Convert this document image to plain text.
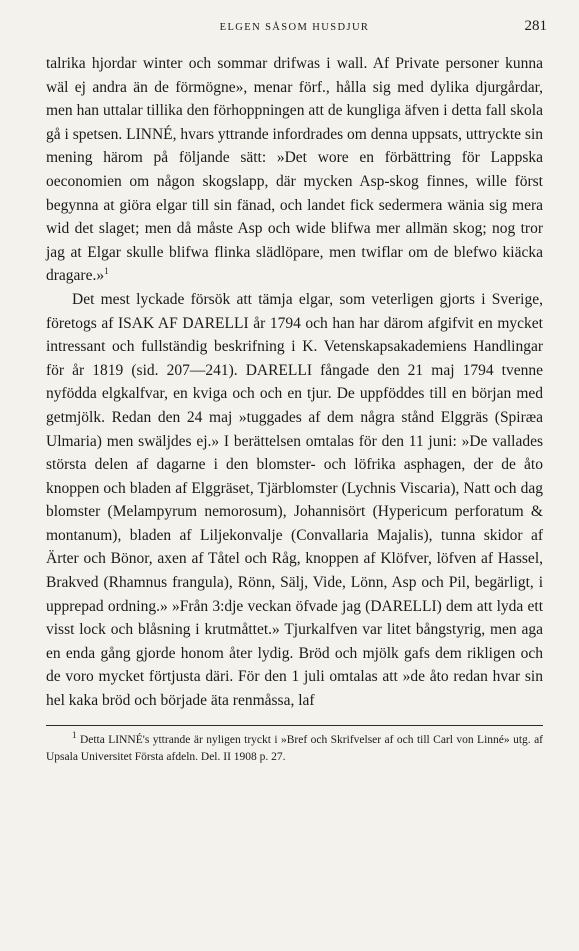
ELGEN SÅSOM HUSDJUR	281

talrika hjordar winter och sommar drifwas i wall. Af Private personer kunna wäl ej andra än de förmögne», menar förf., hålla sig med dylika djurgårdar, men han uttalar tillika den förhoppningen att de kungliga äfven i detta fall skola gå i spetsen. LINNÉ, hvars yttrande infordrades om denna uppsats, uttryckte sin mening härom på följande sätt: »Det wore en förbättring för Lappska oeconomien om någon skogslapp, där mycken Asp-skog finnes, wille först begynna at giöra elgar till sin fänad, och landet fick sedermera wänia sig mera wid det slaget; men då måste Asp och wide blifwa mer allmän skog; nog tror jag at Elgar skulle blifwa flinka slädlöpare, men twiflar om de blefwo kiäcka dragare.»$^1$

Det mest lyckade försök att tämja elgar, som veterligen gjorts i Sverige, företogs af ISAK AF DARELLI år 1794 och han har därom afgifvit en mycket intressant och fullständig beskrifning i K. Vetenskapsakademiens Handlingar för år 1819 (sid. 207—241). DARELLI fångade den 21 maj 1794 tvenne nyfödda elgkalfvar, en kviga och och en tjur. De uppföddes till en början med getmjölk. Redan den 24 maj »tuggades af dem några stånd Elggräs (Spiræa Ulmaria) men swäljdes ej.» I berättelsen omtalas för den 11 juni: »De vallades största delen af dagarne i den blomster- och löfrika asphagen, der de åto knoppen och bladen af Elggräset, Tjärblomster (Lychnis Viscaria), Natt och dag blomster (Melampyrum nemorosum), Johannisört (Hypericum perforatum & montanum), bladen af Liljekonvalje (Convallaria Majalis), tunna skidor af Ärter och Bönor, axen af Tåtel och Råg, knoppen af Klöfver, löfven af Hassel, Brakved (Rhamnus frangula), Rönn, Sälj, Vide, Lönn, Asp och Pil, begärligt, i upprepad ordning.» »Från 3:dje veckan öfvade jag (DARELLI) dem att lyda ett visst lock och blåsning i krutmåttet.» Tjurkalfven var litet bångstyrig, men aga en enda gång gjorde honom åter lydig. Bröd och mjölk gafs dem rikligen och de voro mycket förtjusta däri. För den 1 juli omtalas att »de åto redan hvar sin hel kaka bröd och började äta renmåssa, laf

$^1$ Detta LINNÉ's yttrande är nyligen tryckt i »Bref och Skrifvelser af och till Carl von Linné» utg. af Upsala Universitet Första afdeln. Del. II 1908 p. 27.
